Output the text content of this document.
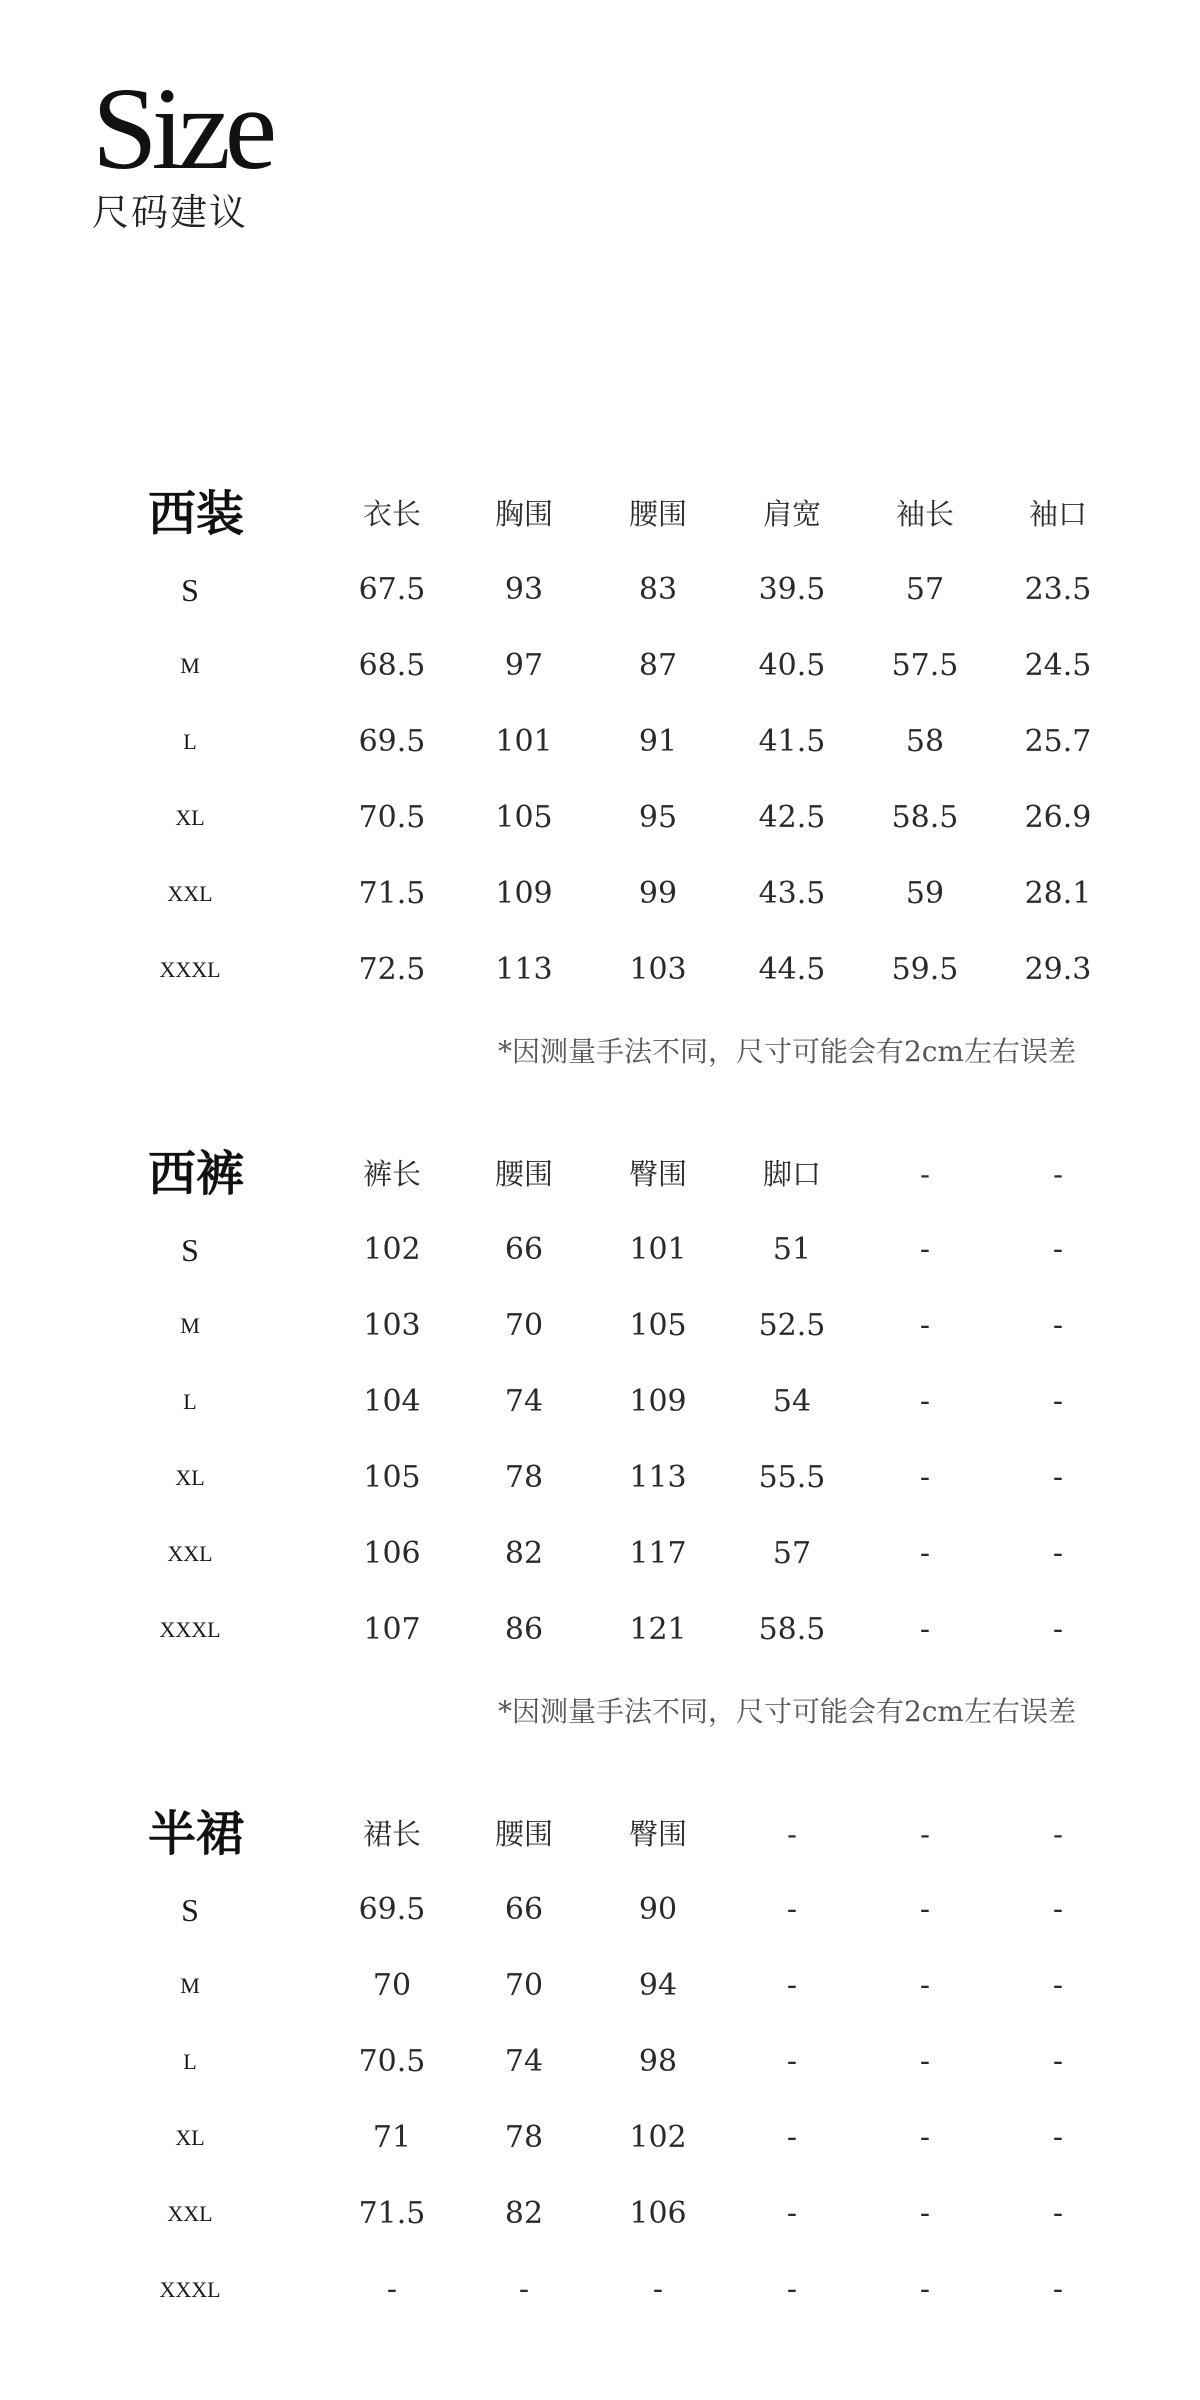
Size
尺码建议
西装	衣长	胸围	腰围	肩宽	袖长	袖口
S	67.5	93	83	39.5	57	23.5
M	68.5	97	87	40.5	57.5	24.5
L	69.5	101	91	41.5	58	25.7
XL	70.5	105	95	42.5	58.5	26.9
XXL	71.5	109	99	43.5	59	28.1
XXXL	72.5	113	103	44.5	59.5	29.3
*因测量手法不同，尺寸可能会有2cm左右误差
西裤	裤长	腰围	臀围	脚口	-	-
S	102	66	101	51	-	-
M	103	70	105	52.5	-	-
L	104	74	109	54	-	-
XL	105	78	113	55.5	-	-
XXL	106	82	117	57	-	-
XXXL	107	86	121	58.5	-	-
*因测量手法不同，尺寸可能会有2cm左右误差
半裙	裙长	腰围	臀围	-	-	-
S	69.5	66	90	-	-	-
M	70	70	94	-	-	-
L	70.5	74	98	-	-	-
XL	71	78	102	-	-	-
XXL	71.5	82	106	-	-	-
XXXL	-	-	-	-	-	-
